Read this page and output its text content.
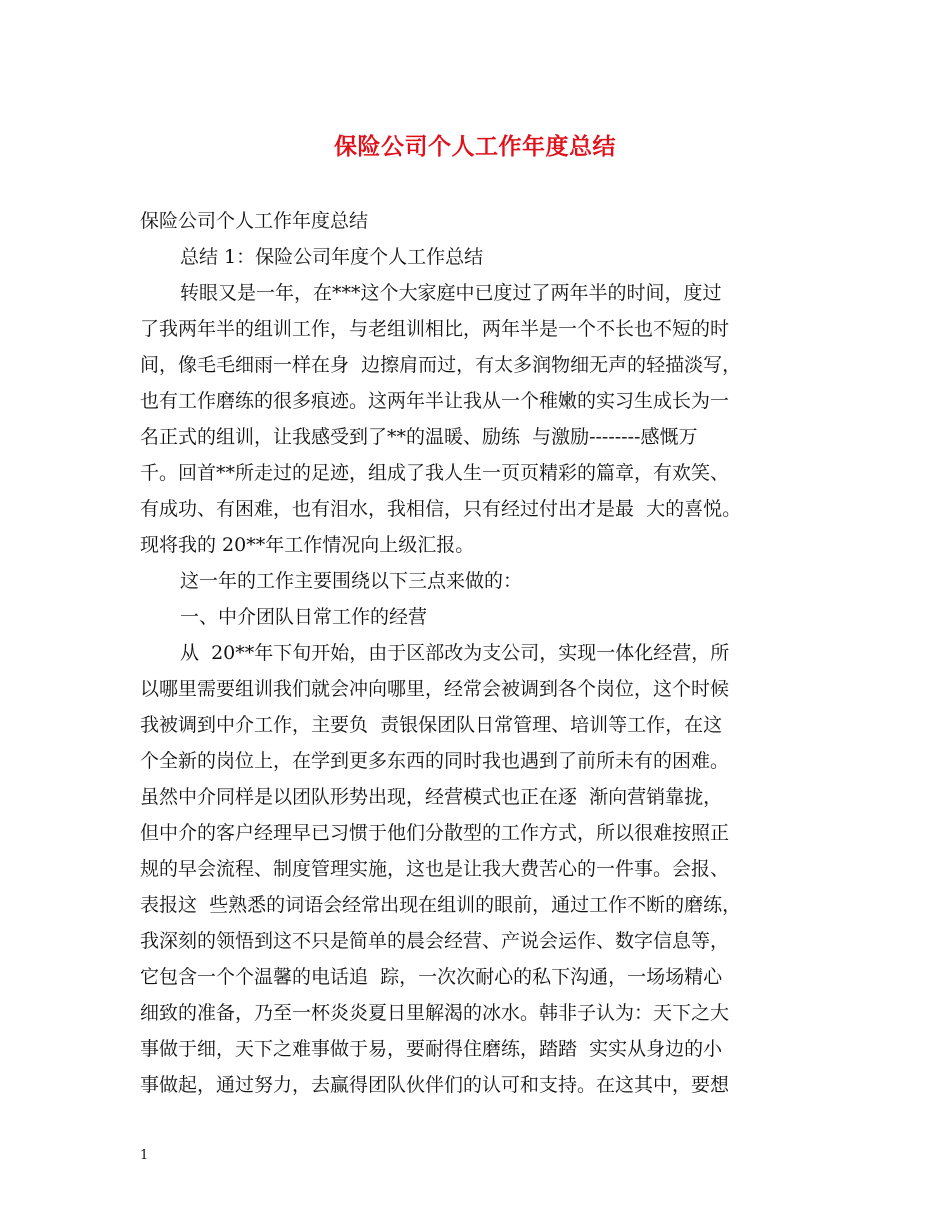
保险公司个人工作年度总结
保险公司个人工作年度总结
总结 1：保险公司年度个人工作总结
转眼又是一年，在***这个大家庭中已度过了两年半的时间，度过
了我两年半的组训工作，与老组训相比，两年半是一个不长也不短的时
间，像毛毛细雨一样在身  边擦肩而过，有太多润物细无声的轻描淡写，
也有工作磨练的很多痕迹。这两年半让我从一个稚嫩的实习生成长为一
名正式的组训，让我感受到了**的温暖、励练  与激励--------感慨万
千。回首**所走过的足迹，组成了我人生一页页精彩的篇章，有欢笑、
有成功、有困难，也有泪水，我相信，只有经过付出才是最  大的喜悦。
现将我的 20**年工作情况向上级汇报。
这一年的工作主要围绕以下三点来做的：
一、中介团队日常工作的经营
从  20**年下旬开始，由于区部改为支公司，实现一体化经营，所
以哪里需要组训我们就会冲向哪里，经常会被调到各个岗位，这个时候
我被调到中介工作，主要负  责银保团队日常管理、培训等工作，在这
个全新的岗位上，在学到更多东西的同时我也遇到了前所未有的困难。
虽然中介同样是以团队形势出现，经营模式也正在逐  渐向营销靠拢，
但中介的客户经理早已习惯于他们分散型的工作方式，所以很难按照正
规的早会流程、制度管理实施，这也是让我大费苦心的一件事。会报、
表报这  些熟悉的词语会经常出现在组训的眼前，通过工作不断的磨练，
我深刻的领悟到这不只是简单的晨会经营、产说会运作、数字信息等，
它包含一个个温馨的电话追  踪，一次次耐心的私下沟通，一场场精心
细致的准备，乃至一杯炎炎夏日里解渴的冰水。韩非子认为：天下之大
事做于细，天下之难事做于易，要耐得住磨练，踏踏  实实从身边的小
事做起，通过努力，去赢得团队伙伴们的认可和支持。在这其中，要想
1
